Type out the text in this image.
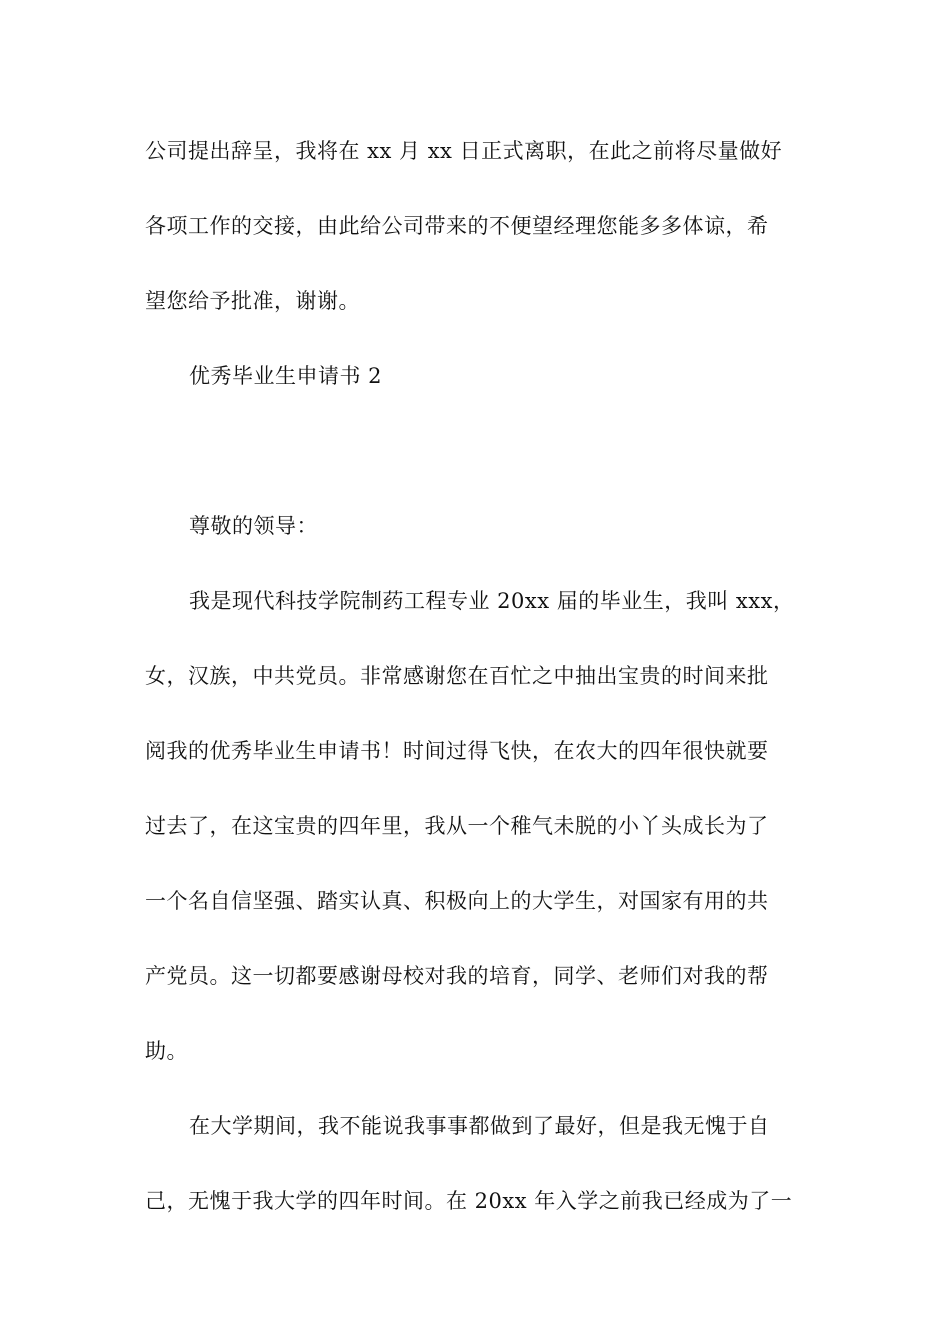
公司提出辞呈，我将在 xx 月 xx 日正式离职，在此之前将尽量做好
各项工作的交接，由此给公司带来的不便望经理您能多多体谅，希
望您给予批准，谢谢。
优秀毕业生申请书 2
尊敬的领导：
我是现代科技学院制药工程专业 20xx 届的毕业生，我叫 xxx，
女，汉族，中共党员。非常感谢您在百忙之中抽出宝贵的时间来批
阅我的优秀毕业生申请书！时间过得飞快，在农大的四年很快就要
过去了，在这宝贵的四年里，我从一个稚气未脱的小丫头成长为了
一个名自信坚强、踏实认真、积极向上的大学生，对国家有用的共
产党员。这一切都要感谢母校对我的培育，同学、老师们对我的帮
助。
在大学期间，我不能说我事事都做到了最好，但是我无愧于自
己，无愧于我大学的四年时间。在 20xx 年入学之前我已经成为了一
